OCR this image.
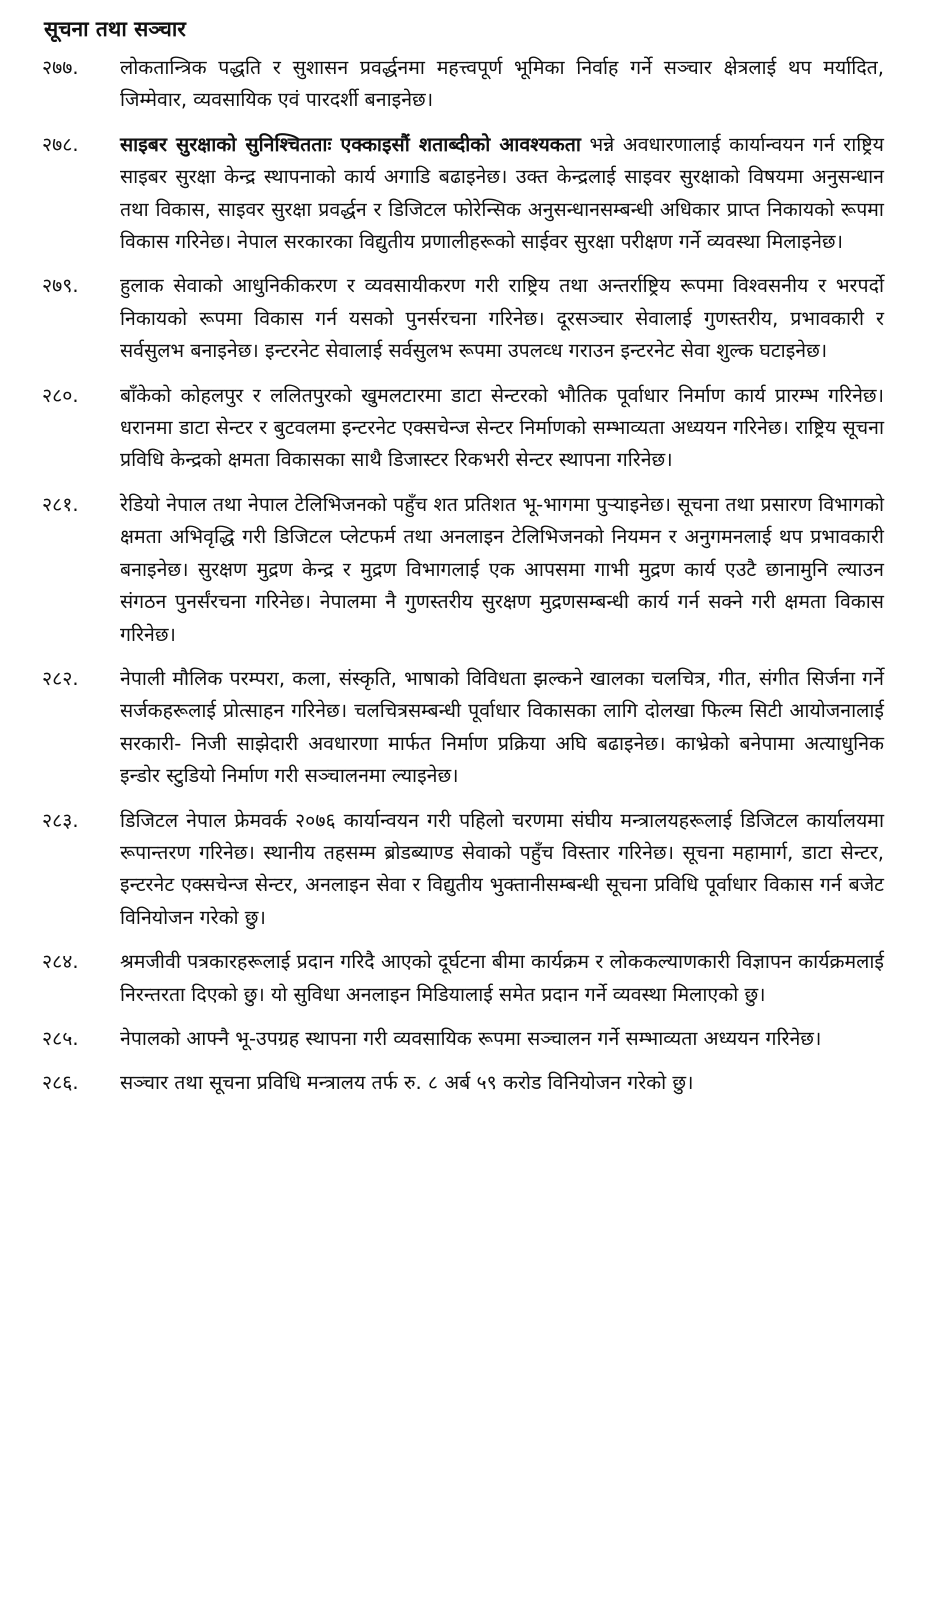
सूचना तथा सञ्चार
२७७.	लोकतान्त्रिक पद्धति र सुशासन प्रवर्द्धनमा महत्त्वपूर्ण भूमिका निर्वाह गर्ने सञ्चार क्षेत्रलाई थप मर्यादित, जिम्मेवार, व्यवसायिक एवं पारदर्शी बनाइनेछ।
२७८.	साइबर सुरक्षाको सुनिश्चितताः एक्काइसौं शताब्दीको आवश्यकता भन्ने अवधारणालाई कार्यान्वयन गर्न राष्ट्रिय साइबर सुरक्षा केन्द्र स्थापनाको कार्य अगाडि बढाइनेछ। उक्त केन्द्रलाई साइवर सुरक्षाको विषयमा अनुसन्धान तथा विकास, साइवर सुरक्षा प्रवर्द्धन र डिजिटल फोरेन्सिक अनुसन्धानसम्बन्धी अधिकार प्राप्त निकायको रूपमा विकास गरिनेछ। नेपाल सरकारका विद्युतीय प्रणालीहरूको साईवर सुरक्षा परीक्षण गर्ने व्यवस्था मिलाइनेछ।
२७९.	हुलाक सेवाको आधुनिकीकरण र व्यवसायीकरण गरी राष्ट्रिय तथा अन्तर्राष्ट्रिय रूपमा विश्वसनीय र भरपर्दो निकायको रूपमा विकास गर्न यसको पुनर्सरचना गरिनेछ। दूरसञ्चार सेवालाई गुणस्तरीय, प्रभावकारी र सर्वसुलभ बनाइनेछ। इन्टरनेट सेवालाई सर्वसुलभ रूपमा उपलव्ध गराउन इन्टरनेट सेवा शुल्क घटाइनेछ।
२८०.	बाँकेको कोहलपुर र ललितपुरको खुमलटारमा डाटा सेन्टरको भौतिक पूर्वाधार निर्माण कार्य प्रारम्भ गरिनेछ। धरानमा डाटा सेन्टर र बुटवलमा इन्टरनेट एक्सचेन्ज सेन्टर निर्माणको सम्भाव्यता अध्ययन गरिनेछ। राष्ट्रिय सूचना प्रविधि केन्द्रको क्षमता विकासका साथै डिजास्टर रिकभरी सेन्टर स्थापना गरिनेछ।
२८१.	रेडियो नेपाल तथा नेपाल टेलिभिजनको पहुँच शत प्रतिशत भू-भागमा पुऱ्याइनेछ। सूचना तथा प्रसारण विभागको क्षमता अभिवृद्धि गरी डिजिटल प्लेटफर्म तथा अनलाइन टेलिभिजनको नियमन र अनुगमनलाई थप प्रभावकारी बनाइनेछ। सुरक्षण मुद्रण केन्द्र र मुद्रण विभागलाई एक आपसमा गाभी मुद्रण कार्य एउटै छानामुनि ल्याउन संगठन पुनर्संरचना गरिनेछ। नेपालमा नै गुणस्तरीय सुरक्षण मुद्रणसम्बन्धी कार्य गर्न सक्ने गरी क्षमता विकास गरिनेछ।
२८२.	नेपाली मौलिक परम्परा, कला, संस्कृति, भाषाको विविधता झल्कने खालका चलचित्र, गीत, संगीत सिर्जना गर्ने सर्जकहरूलाई प्रोत्साहन गरिनेछ। चलचित्रसम्बन्धी पूर्वाधार विकासका लागि दोलखा फिल्म सिटी आयोजनालाई सरकारी- निजी साझेदारी अवधारणा मार्फत निर्माण प्रक्रिया अघि बढाइनेछ। काभ्रेको बनेपामा अत्याधुनिक इन्डोर स्टुडियो निर्माण गरी सञ्चालनमा ल्याइनेछ।
२८३.	डिजिटल नेपाल फ्रेमवर्क २०७६ कार्यान्वयन गरी पहिलो चरणमा संघीय मन्त्रालयहरूलाई डिजिटल कार्यालयमा रूपान्तरण गरिनेछ। स्थानीय तहसम्म ब्रोडब्याण्ड सेवाको पहुँच विस्तार गरिनेछ। सूचना महामार्ग, डाटा सेन्टर, इन्टरनेट एक्सचेन्ज सेन्टर, अनलाइन सेवा र विद्युतीय भुक्तानीसम्बन्धी सूचना प्रविधि पूर्वाधार विकास गर्न बजेट विनियोजन गरेको छु।
२८४.	श्रमजीवी पत्रकारहरूलाई प्रदान गरिदै आएको दूर्घटना बीमा कार्यक्रम र लोककल्याणकारी विज्ञापन कार्यक्रमलाई निरन्तरता दिएको छु। यो सुविधा अनलाइन मिडियालाई समेत प्रदान गर्ने व्यवस्था मिलाएको छु।
२८५.	नेपालको आफ्नै भू-उपग्रह स्थापना गरी व्यवसायिक रूपमा सञ्चालन गर्ने सम्भाव्यता अध्ययन गरिनेछ।
२८६.	सञ्चार तथा सूचना प्रविधि मन्त्रालय तर्फ रु. ८ अर्ब ५९ करोड विनियोजन गरेको छु।
